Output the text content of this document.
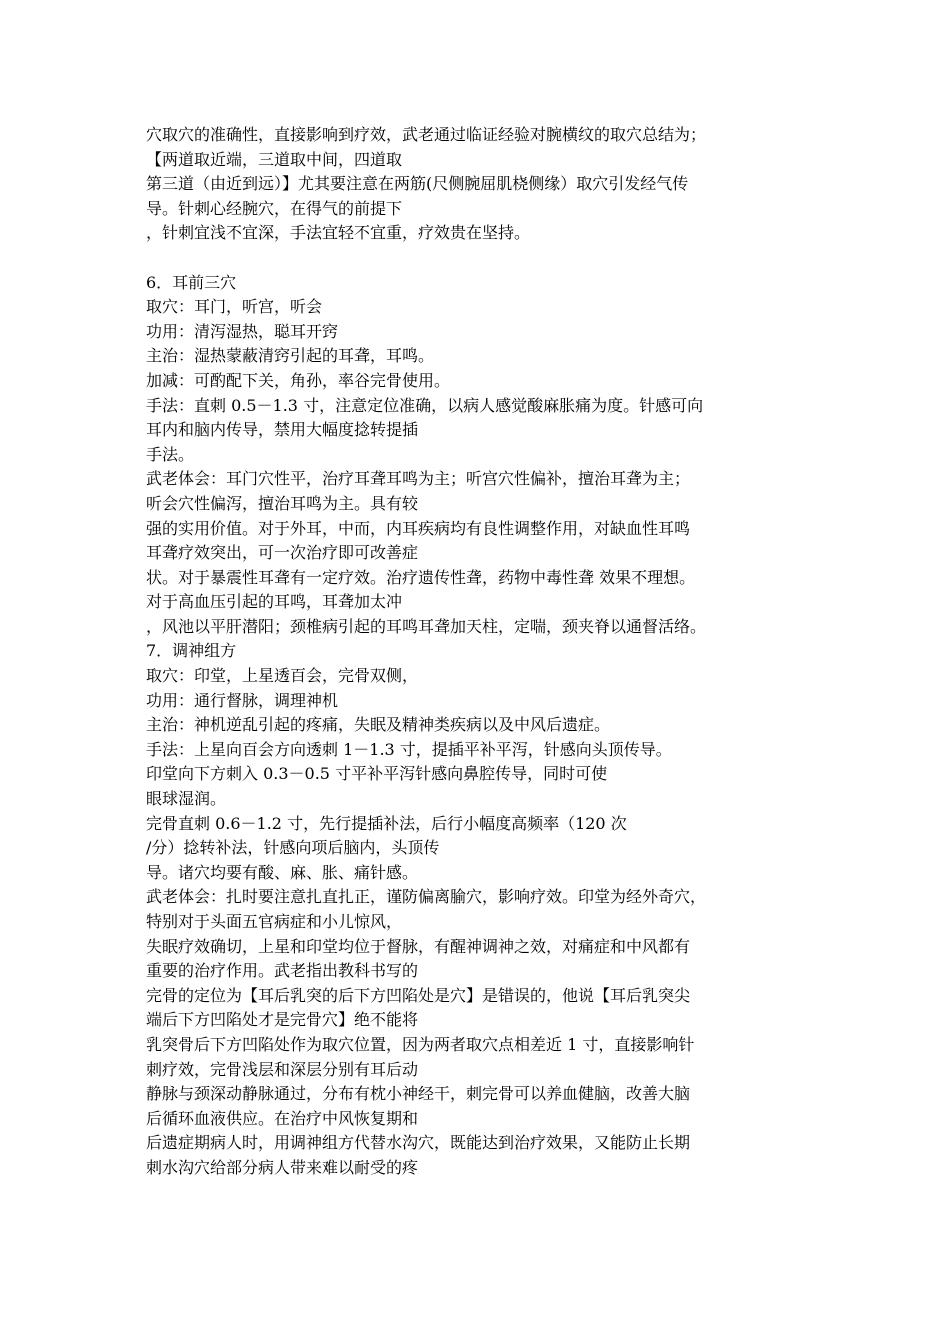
穴取穴的准确性，直接影响到疗效，武老通过临证经验对腕横纹的取穴总结为；
【两道取近端，三道取中间，四道取
第三道（由近到远）】尤其要注意在两筋(尺侧腕屈肌桡侧缘）取穴引发经气传
导。针刺心经腕穴，在得气的前提下
，针刺宜浅不宜深，手法宜轻不宜重，疗效贵在坚持。
6．耳前三穴
取穴：耳门，听宫，听会
功用：清泻湿热，聪耳开窍
主治：湿热蒙蔽清窍引起的耳聋，耳鸣。
加减：可酌配下关，角孙，率谷完骨使用。
手法：直刺 0.5－1.3 寸，注意定位准确，以病人感觉酸麻胀痛为度。针感可向
耳内和脑内传导，禁用大幅度捻转提插
手法。
武老体会：耳门穴性平，治疗耳聋耳鸣为主；听宫穴性偏补，擅治耳聋为主；
听会穴性偏泻，擅治耳鸣为主。具有较
强的实用价值。对于外耳，中而，内耳疾病均有良性调整作用，对缺血性耳鸣
耳聋疗效突出，可一次治疗即可改善症
状。对于暴震性耳聋有一定疗效。治疗遗传性聋，药物中毒性聋 效果不理想。
对于高血压引起的耳鸣，耳聋加太冲
，风池以平肝潜阳；颈椎病引起的耳鸣耳聋加天柱，定喘，颈夹脊以通督活络。
7．调神组方
取穴：印堂，上星透百会，完骨双侧，
功用：通行督脉，调理神机
主治：神机逆乱引起的疼痛，失眠及精神类疾病以及中风后遗症。
手法：上星向百会方向透刺 1－1.3 寸，提插平补平泻，针感向头顶传导。
印堂向下方刺入 0.3－0.5 寸平补平泻针感向鼻腔传导，同时可使
眼球湿润。
完骨直刺 0.6－1.2 寸，先行提插补法，后行小幅度高频率（120 次
/分）捻转补法，针感向项后脑内，头顶传
导。诸穴均要有酸、麻、胀、痛针感。
武老体会：扎时要注意扎直扎正，谨防偏离腧穴，影响疗效。印堂为经外奇穴，
特别对于头面五官病症和小儿惊风，
失眠疗效确切，上星和印堂均位于督脉，有醒神调神之效，对痛症和中风都有
重要的治疗作用。武老指出教科书写的
完骨的定位为【耳后乳突的后下方凹陷处是穴】是错误的，他说【耳后乳突尖
端后下方凹陷处才是完骨穴】绝不能将
乳突骨后下方凹陷处作为取穴位置，因为两者取穴点相差近 1 寸，直接影响针
刺疗效，完骨浅层和深层分别有耳后动
静脉与颈深动静脉通过，分布有枕小神经干，刺完骨可以养血健脑，改善大脑
后循环血液供应。在治疗中风恢复期和
后遗症期病人时，用调神组方代替水沟穴，既能达到治疗效果，又能防止长期
刺水沟穴给部分病人带来难以耐受的疼
